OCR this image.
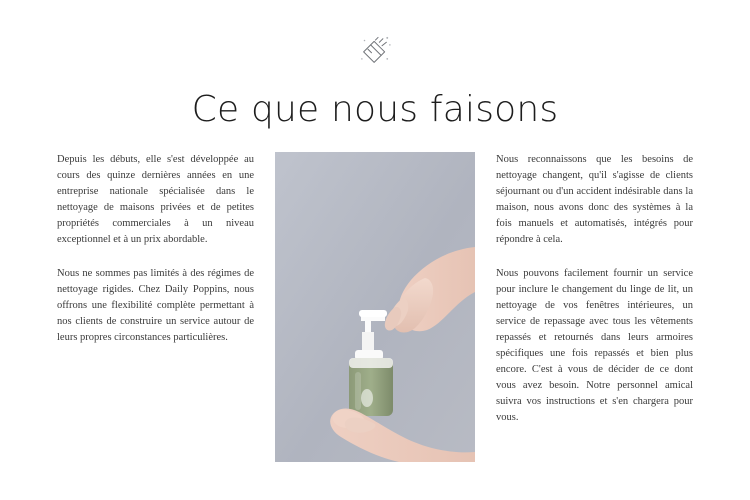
Ce que nous faisons

Depuis les débuts, elle s'est développée au cours des quinze dernières années en une entreprise nationale spécialisée dans le nettoyage de maisons privées et de petites propriétés commerciales à un niveau exceptionnel et à un prix abordable.

Nous ne sommes pas limités à des régimes de nettoyage rigides. Chez Daily Poppins, nous offrons une flexibilité complète permettant à nos clients de construire un service autour de leurs propres circonstances particulières.

Nous reconnaissons que les besoins de nettoyage changent, qu'il s'agisse de clients séjournant ou d'un accident indésirable dans la maison, nous avons donc des systèmes à la fois manuels et automatisés, intégrés pour répondre à cela.

Nous pouvons facilement fournir un service pour inclure le changement du linge de lit, un nettoyage de vos fenêtres intérieures, un service de repassage avec tous les vêtements repassés et retournés dans leurs armoires spécifiques une fois repassés et bien plus encore. C'est à vous de décider de ce dont vous avez besoin. Notre personnel amical suivra vos instructions et s'en chargera pour vous.
